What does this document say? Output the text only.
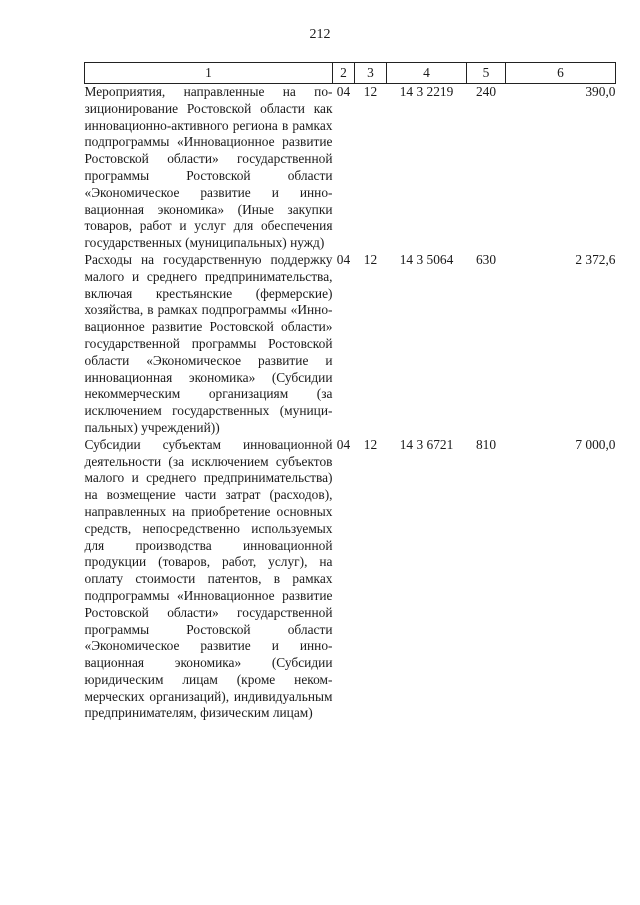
212
1	2	3	4	5	6
Мероприятия, направленные на позиционирование Ростовской области как инновационно-активного региона в рамках подпрограммы «Инновационное развитие Ростовской области» государственной программы Ростовской области «Экономическое развитие и инновационная экономика» (Иные закупки товаров, работ и услуг для обеспечения государственных (муниципальных) нужд)	04	12	14 3 2219	240	390,0
Расходы на государственную поддержку малого и среднего предпринимательства, включая крестьянские (фермерские) хозяйства, в рамках подпрограммы «Инновационное развитие Ростовской области» государственной программы Ростовской области «Экономическое развитие и инновационная экономика» (Субсидии некоммерческим организациям (за исключением государственных (муниципальных) учреждений))	04	12	14 3 5064	630	2 372,6
Субсидии субъектам инновационной деятельности (за исключением субъектов малого и среднего предпринимательства) на возмещение части затрат (расходов), направленных на приобретение основных средств, непосредственно используемых для производства инновационной продукции (товаров, работ, услуг), на оплату стоимости патентов, в рамках подпрограммы «Инновационное развитие Ростовской области» государственной программы Ростовской области «Экономическое развитие и инновационная экономика» (Субсидии юридическим лицам (кроме некоммерческих организаций), индивидуальным предпринимателям, физическим лицам)	04	12	14 3 6721	810	7 000,0
